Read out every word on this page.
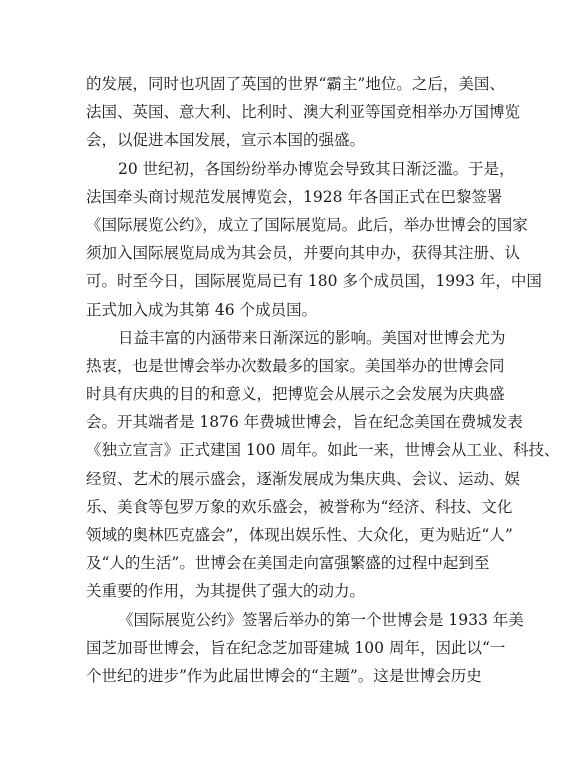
的发展，同时也巩固了英国的世界“霸主”地位。之后，美国、
法国、英国、意大利、比利时、澳大利亚等国竞相举办万国博览
会，以促进本国发展，宣示本国的强盛。
20 世纪初，各国纷纷举办博览会导致其日渐泛滥。于是，
法国牵头商讨规范发展博览会，1928 年各国正式在巴黎签署
《国际展览公约》，成立了国际展览局。此后，举办世博会的国家
须加入国际展览局成为其会员，并要向其申办，获得其注册、认
可。时至今日，国际展览局已有 180 多个成员国，1993 年，中国
正式加入成为其第 46 个成员国。
日益丰富的内涵带来日渐深远的影响。美国对世博会尤为
热衷，也是世博会举办次数最多的国家。美国举办的世博会同
时具有庆典的目的和意义，把博览会从展示之会发展为庆典盛
会。开其端者是 1876 年费城世博会，旨在纪念美国在费城发表
《独立宣言》正式建国 100 周年。如此一来，世博会从工业、科技、
经贸、艺术的展示盛会，逐渐发展成为集庆典、会议、运动、娱
乐、美食等包罗万象的欢乐盛会，被誉称为“经济、科技、文化
领域的奥林匹克盛会”，体现出娱乐性、大众化，更为贴近“人”
及“人的生活”。世博会在美国走向富强繁盛的过程中起到至
关重要的作用，为其提供了强大的动力。
《国际展览公约》签署后举办的第一个世博会是 1933 年美
国芝加哥世博会，旨在纪念芝加哥建城 100 周年，因此以“一
个世纪的进步”作为此届世博会的“主题”。这是世博会历史
